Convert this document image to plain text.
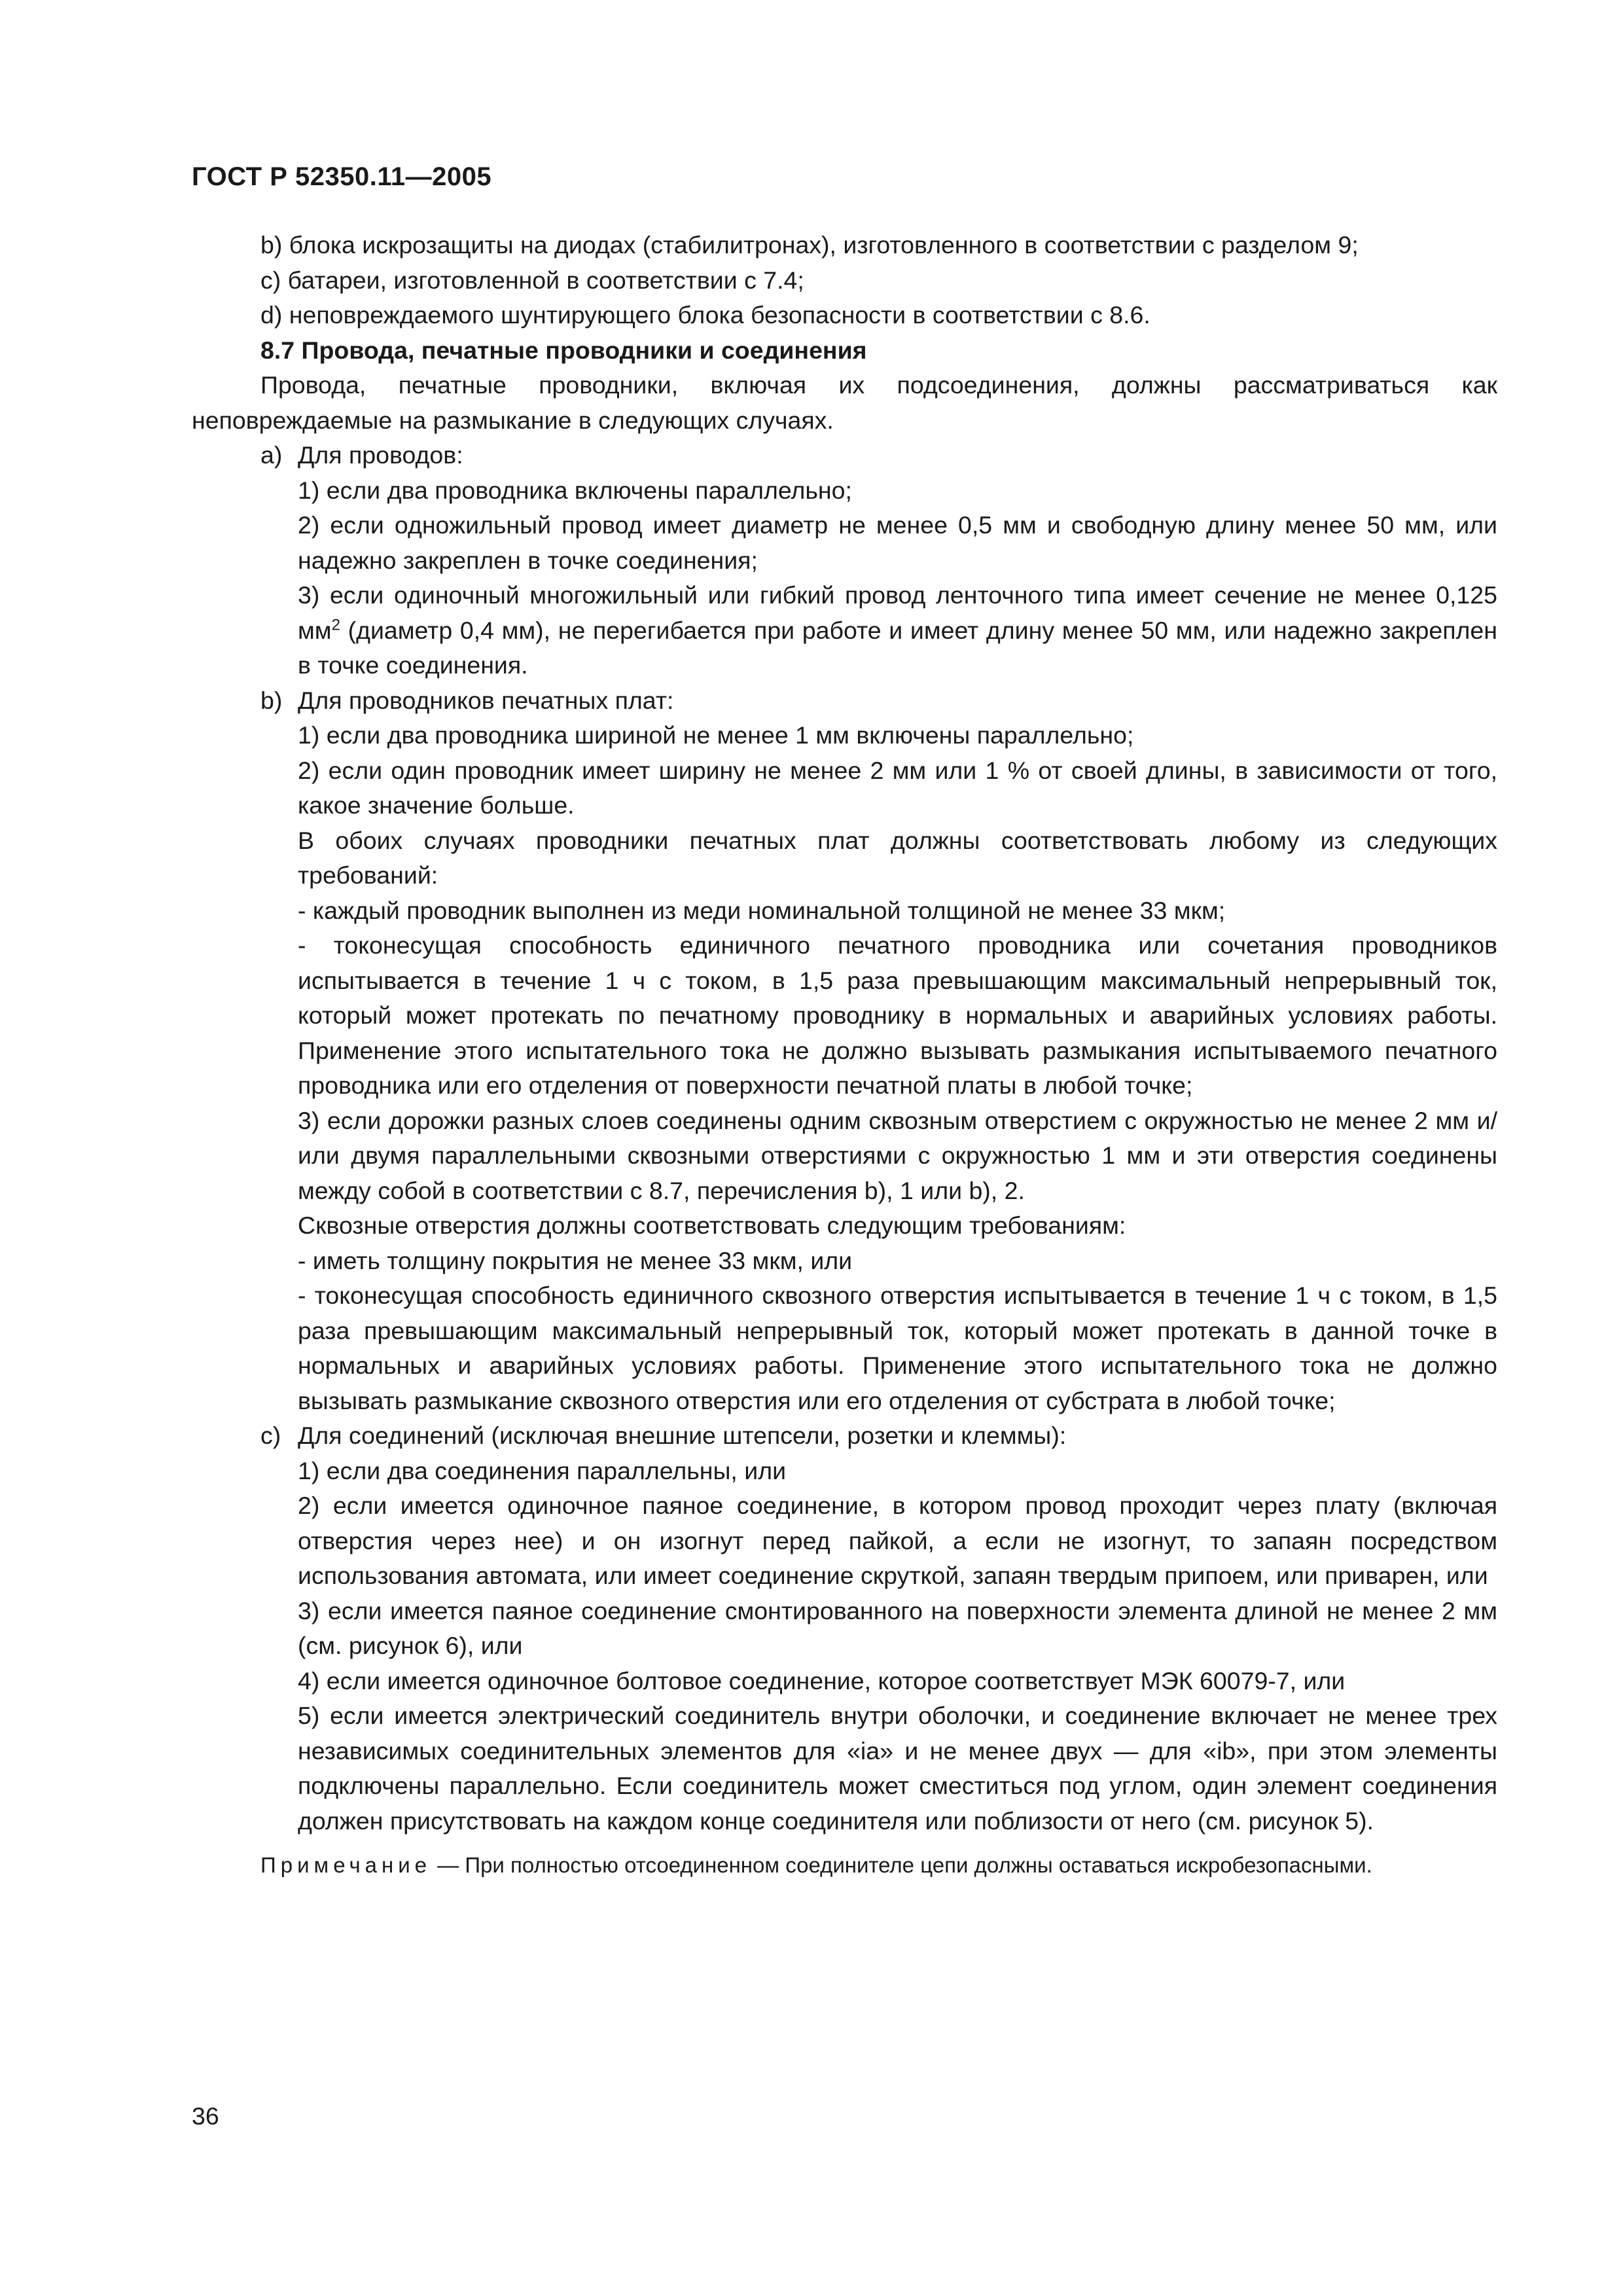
ГОСТ Р 52350.11—2005

b) блока искрозащиты на диодах (стабилитронах), изготовленного в соответствии с разделом 9;

c) батареи, изготовленной в соответствии с 7.4;

d) неповреждаемого шунтирующего блока безопасности в соответствии с 8.6.

8.7 Провода, печатные проводники и соединения

Провода, печатные проводники, включая их подсоединения, должны рассматриваться как неповреждаемые на размыкание в следующих случаях.

a) Для проводов:

1) если два проводника включены параллельно;

2) если одножильный провод имеет диаметр не менее 0,5 мм и свободную длину менее 50 мм, или надежно закреплен в точке соединения;

3) если одиночный многожильный или гибкий провод ленточного типа имеет сечение не менее 0,125 $мм^2$ (диаметр 0,4 мм), не перегибается при работе и имеет длину менее 50 мм, или надежно закреплен в точке соединения.

b) Для проводников печатных плат:

1) если два проводника шириной не менее 1 мм включены параллельно;

2) если один проводник имеет ширину не менее 2 мм или 1 % от своей длины, в зависимости от того, какое значение больше.

В обоих случаях проводники печатных плат должны соответствовать любому из следующих требований:

- каждый проводник выполнен из меди номинальной толщиной не менее 33 мкм;

- токонесущая способность единичного печатного проводника или сочетания проводников испытывается в течение 1 ч с током, в 1,5 раза превышающим максимальный непрерывный ток, который может протекать по печатному проводнику в нормальных и аварийных условиях работы. Применение этого испытательного тока не должно вызывать размыкания испытываемого печатного проводника или его отделения от поверхности печатной платы в любой точке;

3) если дорожки разных слоев соединены одним сквозным отверстием с окружностью не менее 2 мм и/или двумя параллельными сквозными отверстиями с окружностью 1 мм и эти отверстия соединены между собой в соответствии с 8.7, перечисления b), 1 или b), 2.

Сквозные отверстия должны соответствовать следующим требованиям:

- иметь толщину покрытия не менее 33 мкм, или

- токонесущая способность единичного сквозного отверстия испытывается в течение 1 ч с током, в 1,5 раза превышающим максимальный непрерывный ток, который может протекать в данной точке в нормальных и аварийных условиях работы. Применение этого испытательного тока не должно вызывать размыкание сквозного отверстия или его отделения от субстрата в любой точке;

c) Для соединений (исключая внешние штепсели, розетки и клеммы):

1) если два соединения параллельны, или

2) если имеется одиночное паяное соединение, в котором провод проходит через плату (включая отверстия через нее) и он изогнут перед пайкой, а если не изогнут, то запаян посредством использования автомата, или имеет соединение скруткой, запаян твердым припоем, или приварен, или

3) если имеется паяное соединение смонтированного на поверхности элемента длиной не менее 2 мм (см. рисунок 6), или

4) если имеется одиночное болтовое соединение, которое соответствует МЭК 60079-7, или

5) если имеется электрический соединитель внутри оболочки, и соединение включает не менее трех независимых соединительных элементов для «ia» и не менее двух — для «ib», при этом элементы подключены параллельно. Если соединитель может сместиться под углом, один элемент соединения должен присутствовать на каждом конце соединителя или поблизости от него (см. рисунок 5).

Примечание — При полностью отсоединенном соединителе цепи должны оставаться искробезопасными.

36
